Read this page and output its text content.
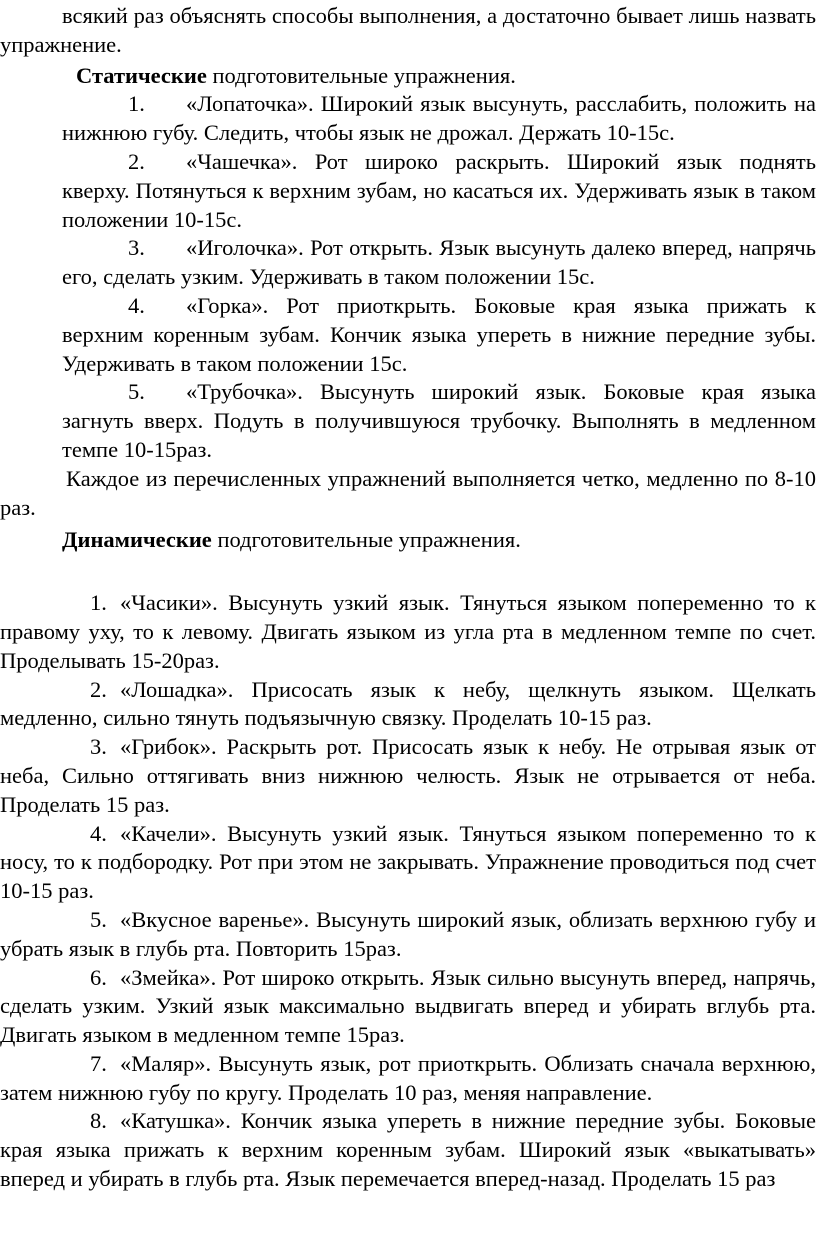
всякий раз объяснять способы выполнения, а достаточно бывает лишь назвать упражнение.

Статические подготовительные упражнения.

1. «Лопаточка». Широкий язык высунуть, расслабить, положить на нижнюю губу. Следить, чтобы язык не дрожал. Держать 10-15с.

2. «Чашечка». Рот широко раскрыть. Широкий язык поднять кверху. Потянуться к верхним зубам, но касаться их. Удерживать язык в таком положении 10-15с.

3. «Иголочка». Рот открыть. Язык высунуть далеко вперед, напрячь его, сделать узким. Удерживать в таком положении 15с.

4. «Горка». Рот приоткрыть. Боковые края языка прижать к верхним коренным зубам. Кончик языка упереть в нижние передние зубы. Удерживать в таком положении 15с.

5. «Трубочка». Высунуть широкий язык. Боковые края языка загнуть вверх. Подуть в получившуюся трубочку. Выполнять в медленном темпе 10-15раз.

Каждое из перечисленных упражнений выполняется четко, медленно по 8-10 раз.

Динамические подготовительные упражнения.

1. «Часики». Высунуть узкий язык. Тянуться языком попеременно то к правому уху, то к левому. Двигать языком из угла рта в медленном темпе по счет. Проделывать 15-20раз.

2. «Лошадка». Присосать язык к небу, щелкнуть языком. Щелкать медленно, сильно тянуть подъязычную связку. Проделать 10-15 раз.

3. «Грибок». Раскрыть рот. Присосать язык к небу. Не отрывая язык от неба, Сильно оттягивать вниз нижнюю челюсть. Язык не отрывается от неба. Проделать 15 раз.

4. «Качели». Высунуть узкий язык. Тянуться языком попеременно то к носу, то к подбородку. Рот при этом не закрывать. Упражнение проводиться под счет 10-15 раз.

5. «Вкусное варенье». Высунуть широкий язык, облизать верхнюю губу и убрать язык в глубь рта. Повторить 15раз.

6. «Змейка». Рот широко открыть. Язык сильно высунуть вперед, напрячь, сделать узким. Узкий язык максимально выдвигать вперед и убирать вглубь рта. Двигать языком в медленном темпе 15раз.

7. «Маляр». Высунуть язык, рот приоткрыть. Облизать сначала верхнюю, затем нижнюю губу по кругу. Проделать 10 раз, меняя направление.

8. «Катушка». Кончик языка упереть в нижние передние зубы. Боковые края языка прижать к верхним коренным зубам. Широкий язык «выкатывать» вперед и убирать в глубь рта. Язык перемечается вперед-назад. Проделать 15 раз
